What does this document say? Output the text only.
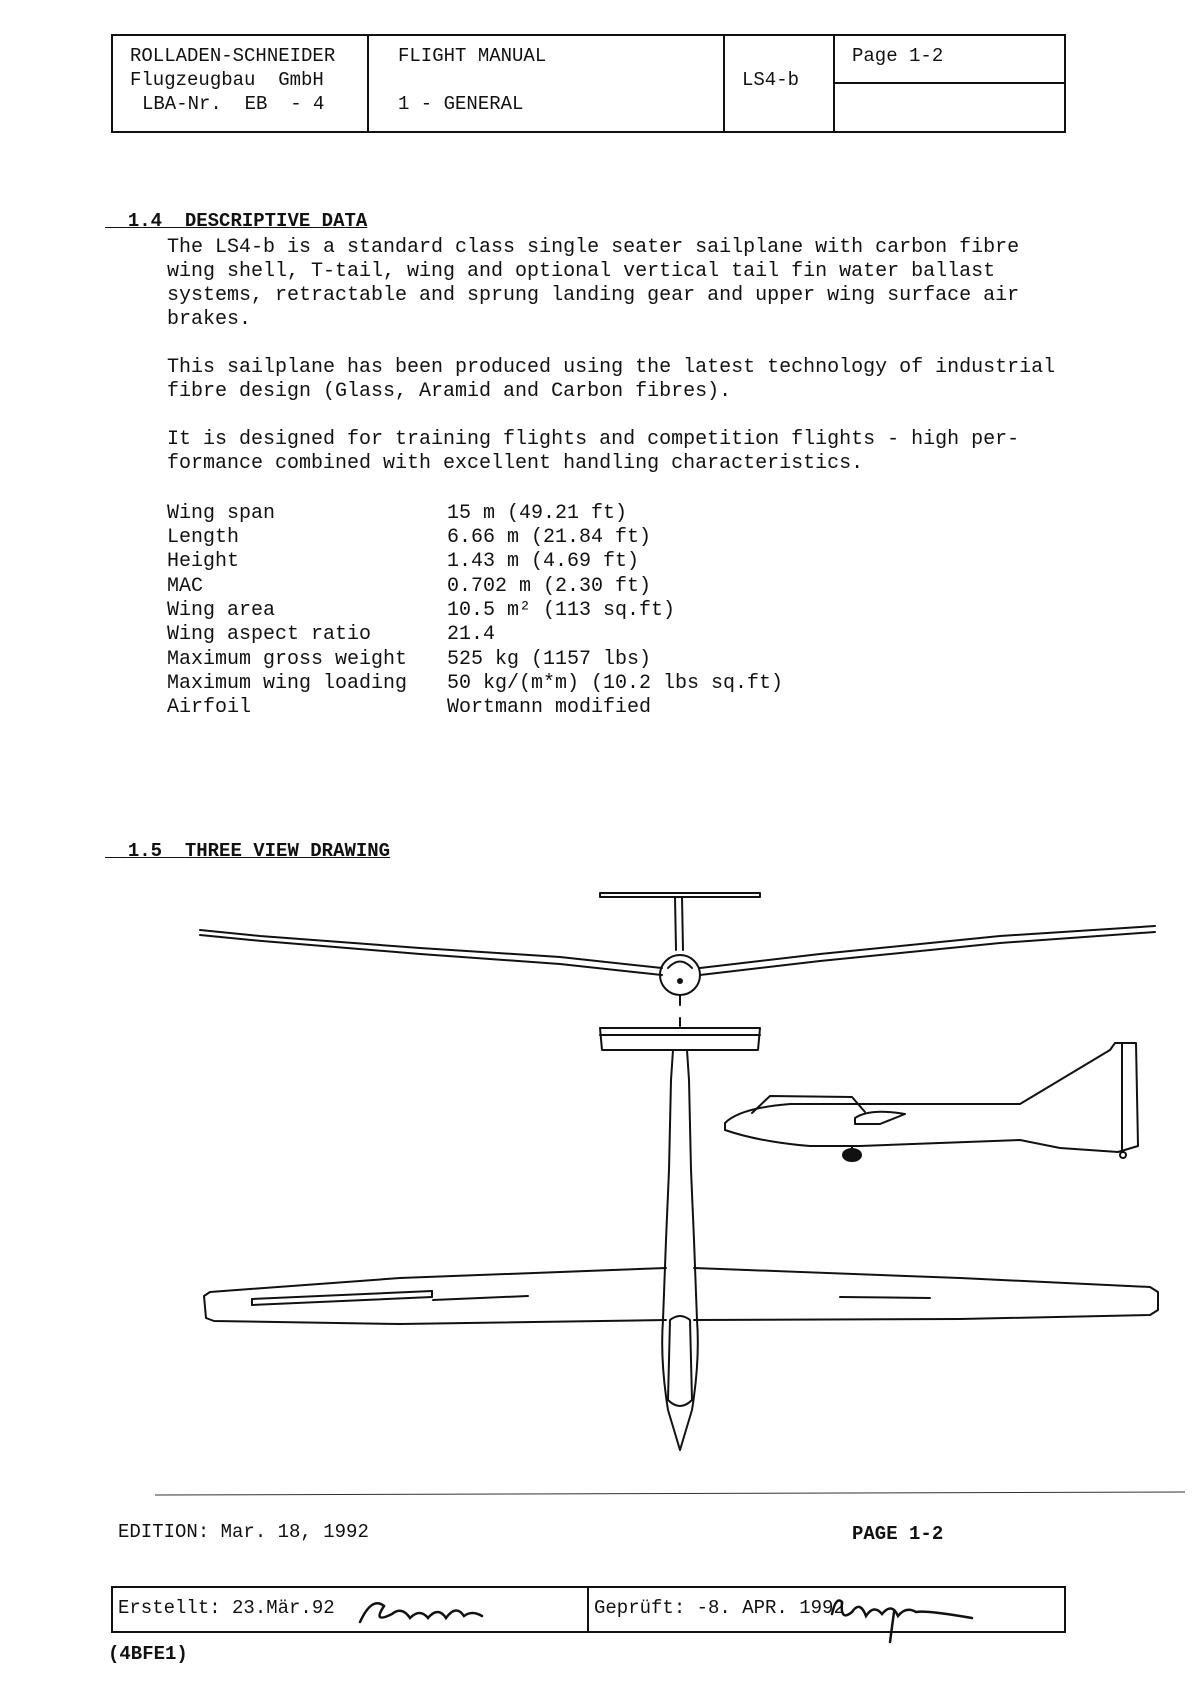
ROLLADEN-SCHNEIDER
Flugzeugbau  GmbH
LBA-Nr.  EB  - 4
FLIGHT MANUAL
1 - GENERAL
LS4-b
Page 1-2

1.4 DESCRIPTIVE DATA

The LS4-b is a standard class single seater sailplane with carbon fibre
wing shell, T-tail, wing and optional vertical tail fin water ballast
systems, retractable and sprung landing gear and upper wing surface air
brakes.
This sailplane has been produced using the latest technology of industrial
fibre design (Glass, Aramid and Carbon fibres).
It is designed for training flights and competition flights - high per-
formance combined with excellent handling characteristics.
Wing span	15 m (49.21 ft)
Length	6.66 m (21.84 ft)
Height	1.43 m (4.69 ft)
MAC	0.702 m (2.30 ft)
Wing area	10.5 m² (113 sq.ft)
Wing aspect ratio	21.4
Maximum gross weight 525 kg (1157 lbs)
Maximum wing loading 50 kg/(m*m) (10.2 lbs sq.ft)
Airfoil	Wortmann modified

1.5 THREE VIEW DRAWING

EDITION: Mar. 18, 1992	PAGE 1-2
Erstellt: 23.Mär.92	Geprüft: -8. APR. 1992
(4BFE1)
